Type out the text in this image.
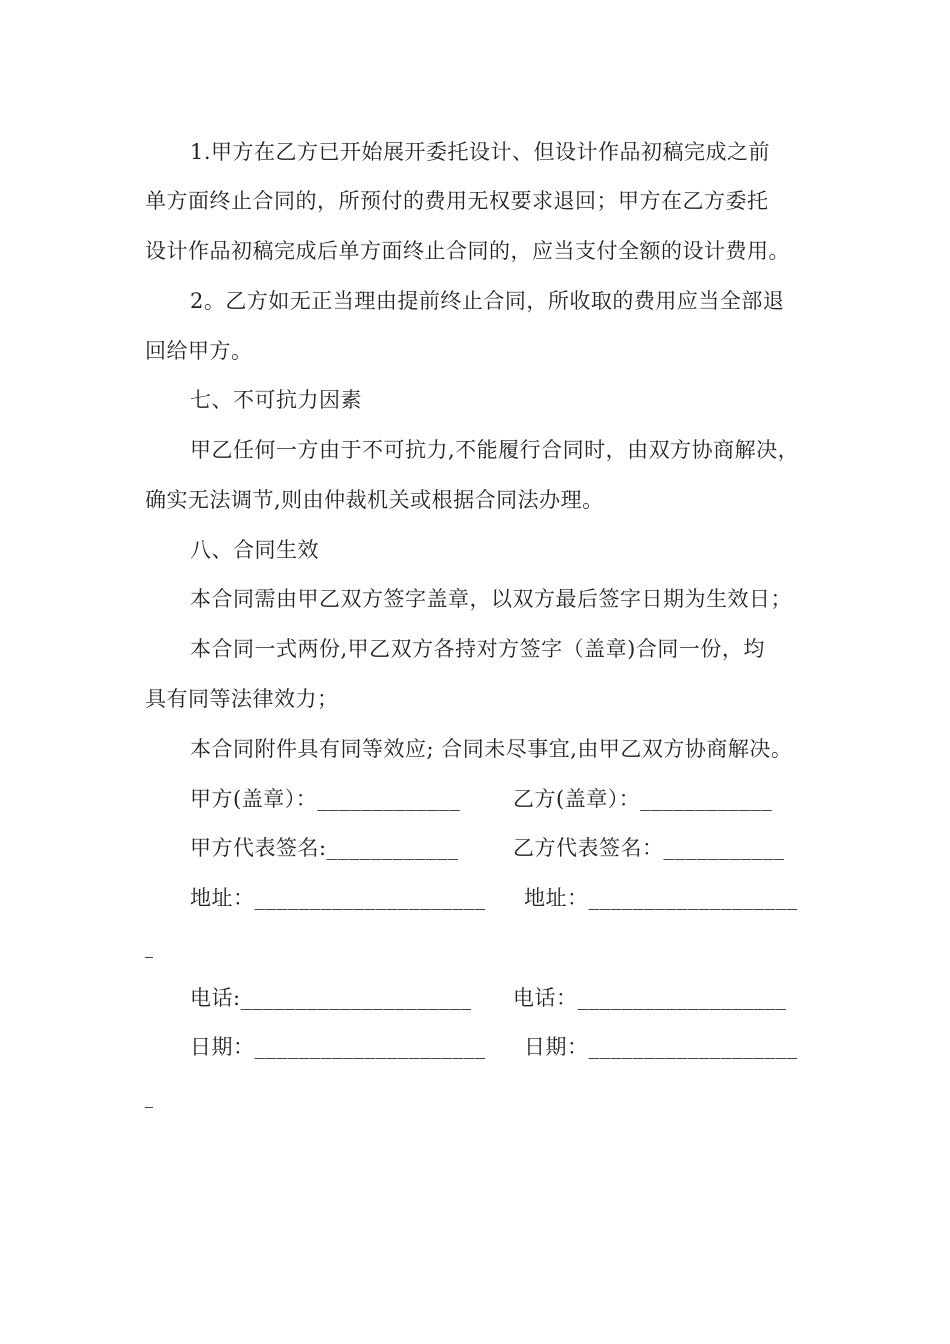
1.甲方在乙方已开始展开委托设计、但设计作品初稿完成之前
单方面终止合同的，所预付的费用无权要求退回；甲方在乙方委托
设计作品初稿完成后单方面终止合同的，应当支付全额的设计费用。
2。乙方如无正当理由提前终止合同，所收取的费用应当全部退
回给甲方。
七、不可抗力因素
甲乙任何一方由于不可抗力,不能履行合同时，由双方协商解决，
确实无法调节,则由仲裁机关或根据合同法办理。
八、合同生效
本合同需由甲乙双方签字盖章，以双方最后签字日期为生效日；
本合同一式两份,甲乙双方各持对方签字（盖章)合同一份，均
具有同等法律效力；
本合同附件具有同等效应; 合同未尽事宜,由甲乙双方协商解决。
甲方(盖章）：_____________	乙方(盖章）：____________
甲方代表签名:____________	乙方代表签名：___________
地址：_____________________ 地址：___________________
电话:_____________________ 电话：___________________
日期：_____________________ 日期：___________________
